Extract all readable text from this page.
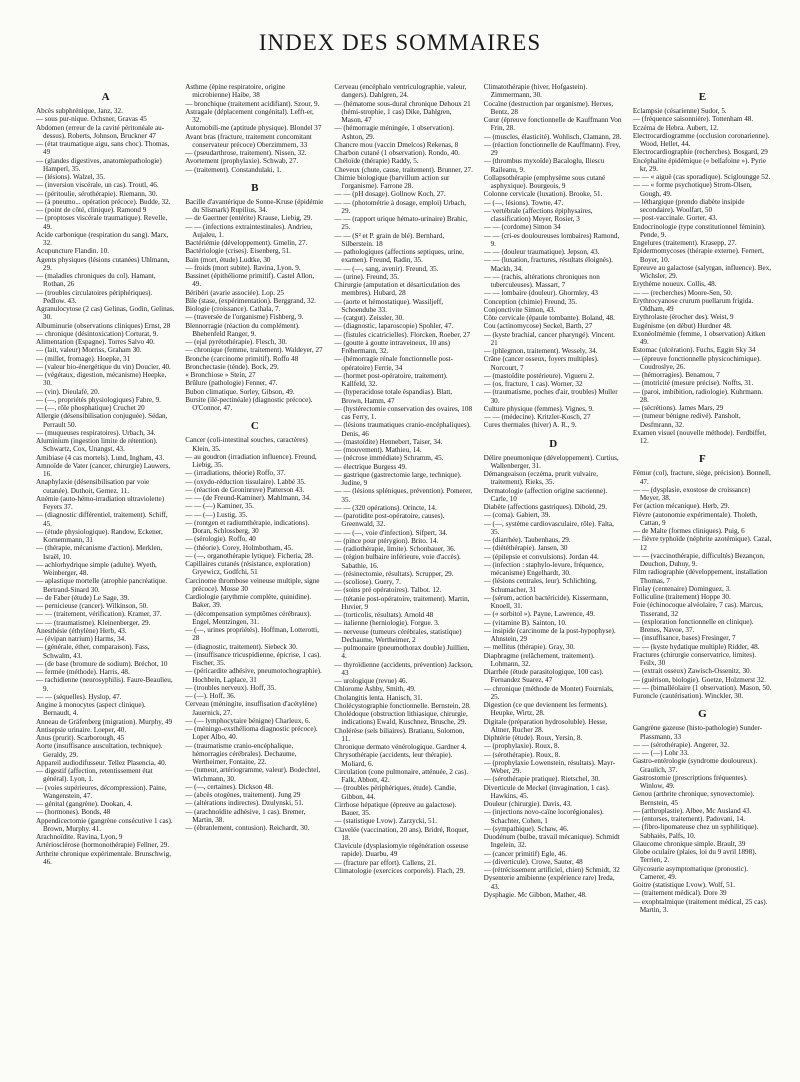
INDEX DES SOMMAIRES
A
Abcès subphrénique, Janz, 32.
— sous pur-nique. Ochsner, Gravas 45
Abdomen (erreur de la cavité péritonéale au-dessus). Roberts, Johnson, Bruckner 47
— (état traumatique aigu, sans choc). Thomas, 49
— (glandes digestives, anatomiepathologie) Hamperl, 35.
— (lésions). Walzel, 35.
— (inversion viscérale, un cas). Troutl, 46.
— (péritoulie, sérothérapie). Riemann, 30.
— (à pneumo... opération précoce). Budde, 32.
— (point de côté, clinique). Ramond 9
— (proptoses viscérale traumatique). Revelle, 49.
Acide carbonique (respiration du sang). Marx, 32.
Acupuncture Flandin. 10.
Agents physiques (lésions cutanées) Uhlmann, 29.
— (maladies chroniques du col). Hamant, Rothan, 26
— (troubles circulatoires périphériques). Pedlow. 43.
Agranulocytose (2 cas) Gelinas, Godin, Gelinas. 30.
Albuminurie (observations cliniques) Ernst, 28
— chronique (désintoxication) Corturat, 9.
Alimentation (Espagne). Torres Salvo 40.
— (lait, valeur) Morriss, Graham 30.
— (millet, fromage). Hoepke, 31
— (valeur bio-énergétique du vin) Doucier, 40.
— (végétaux, digestion, mécanisme) Heepke, 30.
— (vin). Dieulafé, 20.
— (—, propriétés physiologiques) Fabre, 9.
— (—, rôle phosphatique) Cruchet 20
Allergie (désensibilisation conjuguée). Sédan, Perrault 50.
— (muqueuses respiratoires). Urbach, 34.
Aluminium (ingestion limite de rétention). Schwartz, Cox, Unangst, 43.
Amibiase (4 cas mortels). Lund, Ingham, 43.
Amnoïde de Vater (cancer, chirurgie) Lauwers, 16.
Anaphylaxie (désensibilisation par voie cutanée). Duthoit, Gernez. 11.
Anémie (auto-hémo-irradiation ultraviolette) Feyers 37.
— (diagnostic différentiel, traitement). Schiff, 45.
— (étude physiologique). Randow, Eckener, Kornemmann, 31
— (thérapie, mécanisme d'action). Merklen, Israël, 10.
— achlorhydrique simple (adulte). Wyeth, Weinberger, 48.
— aplastique mortelle (atrophie pancréatique. Bertrand-Sinard 30.
— de Faber (étude) Le Sage, 39.
— pernicieuse (cancer). Wilkinson, 50.
— — (traitement, vérification). Kramer, 37.
— — (traumatisme). Kleinenberger, 29.
Anesthésie (éthylène) Herb, 43.
— (évipan natrium) Harms, 34.
— (générale, éther, comparaison). Fass, Schwalm, 43.
— (de base (bromure de sodium). Bréchot, 10
— fermée (méthode). Harris, 48.
— rachidienne (neurosyphilis). Faure-Beaulieu, 9.
— — (séquelles). Hyslop, 47.
Angine à monocytes (aspect clinique). Bernaudt, 4.
Anneau de Gräfenberg (migration). Murphy, 49
Antisepsie urinaire. Loeper, 40.
Anus (prurit). Scarborough, 45
Aorte (insuffisance auscultation, technique). Geraldy, 29.
Appareil audiodifusseur. Tellez Plasencia, 40.
— digestif (affection, retentissement état général). Lyon, 1.
— (voies supérieures, décompression). Paine, Wangenstein, 47.
— génital (gangrène). Dookan, 4.
— (hormones). Bonds, 48
Appendicectomie (gangrène consécutive 1 cas). Brown, Murphy. 41.
Arachnoïdite. Ravina, Lyon, 9
Artériosclérose (hormonothérapie) Fellner, 29.
Arthrite chronique expérimentale. Brunschwig, 46.
Asthme (épine respiratoire, origine microbienne) Haibe, 38
— bronchique (traitement acidifiant). Szour, 9.
Astragale (déplacement congénital). Lefft-er, 32.
Automobili-me (aptitude physique). Blondel 37
Avant bras (fracture, traitement concomitant conservateur précoce) Oberzimmern, 33
— (pseudarthrose, traitement). Nissen, 32.
Avortement (prophylaxie). Schwab, 27.
— (traitement). Constandulaki, 1.
B
Bacille d'avantérique de Sonne-Kruse (épidémie du Slismark) Rupilius, 34.
— de Gaertner (entérite) Krause, Liebig, 29.
— — (infections extraintestinales). Andrieu, Aujaleu, 1.
Bactériémie (développement). Gmelin, 27.
Bactériologie (crises). Eisenberg, 51.
Bain (mort, étude) Ludtke, 30
— froids (mort subite). Ravina, Lyon. 9.
Bassinet (épithéliome primitif). Castel Allon, 49.
Béribéri (avarie associée). Lop. 25
Bile (stase, (expérimentation). Berggrand, 32.
Biologie (croissance). Cathala, 7.
— (traversée de l'organisme) Fishberg, 9.
Blennorragie (réaction du complément). Bhehenfeld Ranger, 9.
— (ejal pyrétothérapie). Flesch, 30.
— chronique (femme, traitement). Waldeyer, 27
Bronche (carcinome primitif). Roffo 48
Bronchectasie (ténde). Bock, 29.
« Bronchiose » Stein, 27
Brûlure (pathologie) Fenner, 47.
Bubon climatique. Sorley, Gibson, 49.
Bursite (ilé-pectinéale) (diagnostic précoce). O'Connor, 47.
C
Cancer (coli-intestinal souches, caractères) Klein, 35.
— au goudron (irradiation influence). Freund, Liebig, 35.
— (irradiations, théorie) Roffo, 37.
— (oxydo-réduction tissulaire). Labbé 35.
— (réaction de Groninruve) Patterson 43.
— — (de Freund-Kaminer). Mahlmann, 34.
— — (—) Kaminer, 35.
— — (—) Lustig, 35.
— (rontgen et radiumthérapie, indications). Doran, Schlossberg, 30
— (sérologie). Roffo, 40
— (théorie). Corey, Holmbotham, 45.
— (—, organothérapie lytique). Ficheria, 28.
Capillaires cutanés (résistance, exploration) Gryewicz, Godfchi, 51
Carcinome thrombose veineuse multiple, signe précoce). Mosse 30
Cardiologie (arythmie complète, quinidine). Baker, 39.
— (décompensation symptômes cérébraux). Engel, Mentzingen, 31.
— (—, urines propriétés). Hoffman, Lotterotti, 28
— (diagnostic, traitement). Siebeck 30.
— (insuffisance tricuspidienne, épicrise, 1 cas). Fischer, 35.
— (péricardite adhésive, pneumotochographie). Hochbein, Laplace, 31
— (troubles nerveux). Hoff, 35.
— (—). Hoff, 36.
Cerveau (méningite, insuffisation d'acétylène) Jauernick, 27.
— (— lymphocytaire bénigne) Charleux, 6.
— (méningo-exsthélioma diagnostic précoce). Loper Albo, 40.
— (traumatisme cranio-encéphalique, hémorragies cérébrales). Dechaume, Wertheimer, Fontaine, 22.
— (tumeur, artériogramme, valeur). Bodechtel, Wichmann, 30.
— (—, certaines). Dickson 48.
— (abcès otogènes, traitement). Jung 29
— (altérations indirectes). Dzulynski, 51.
— (arachnoïdite adhésive, 1 cas). Bremer, Martin, 38.
— (ébranlement, contusion). Reichardt, 30.
Cerveau (encéphalo ventriculographie, valeur, dangers). Dahlgren, 24.
— (hématome sous-dural chronique Dehoux 21 (hémi-strophie, 1 cas) Dike, Dahlgren, Mason, 47
— (hémorragie méningée, 1 observation). Ashton, 29.
Chancre mou (vaccin Dmelcos) Rekenas, 8
Charbon cutané (1 observation). Rondo, 40.
Chéloïde (thérapie) Raddy, 5.
Cheveux (chute, cause, traitement). Brunner, 27.
Chimie biologique (barvillum action sur l'organisme). Farrone 28.
— — (pH dosage). Gollnow Koch, 27.
— — (photométrie à dosage, emploi) Urbach, 29.
— — (rapport urique hémato-urinaire) Brahic, 25.
— — (S² et P. grain de blé). Bernhard, Silberstein. 18
— pathologiques (affections septiques, urine, examen). Freund, Radin, 35.
— — (—, sang, avenir). Freund, 35.
— (urine). Freund, 35.
Chirurgie (amputation et désarticulation des membres). Hubard, 28
— (aorte et hémostatique). Wassiljeff, Schoendube 33.
— (catgut). Zeissler, 30.
— (diagnostic, laparoscopie) Spohler, 47.
— (fistules cicatricielles). Florcken, Roeber, 27
— (goutte à goutte intraveineux, 10 ans) Fréhermann, 32.
— (hémorragie rénale fonctionnelle post-opératoire) Ferrie, 34
— (hormet post-opératoire, traitement). Kallfeld, 32.
— (hyperacidose totale éspandias). Blatt, Brown, Hamm, 47
— (hystérectomie conservation des ovaires, 108 cas Ferry, 1.
— (lésions traumatiques cranio-encéphaliques). Denis, 46
— (mastoïdite) Hennebert, Taiser, 34.
— (mouvement). Mathieu, 14.
— (nécrose immédiate) Schramm, 45.
— électrique Burgess 49.
— gastrique (gastrectomie large, technique). Judine, 9
— — (lésions spléniques, prévention). Pomerer, 35.
— — (320 opérations). Orincte, 14.
— (parotidite post-opératoire, causes). Greenwald, 32.
— — (—, voie d'infection). Sifpert, 34.
— (pince pour ptérygion). Brito. 14.
— (radiothérapie, limite). Schonbauer, 36.
— (région bulbaire inférieure, voie d'accès). Sabathie, 16.
— (résinectomie, résultats). Scrupper, 29.
— (scoliose). Guery, 7.
— (soins pré opératoires). Talbot. 12.
— (tétanie post-opératoire, traitement). Martin, Huvier, 9
— (torticolis, résultats). Arnold 48
— italienne (herniologie). Forgue. 3.
— nerveuse (tumeurs cérébrales, statistique) Dechaume, Wertheimer, 2
— pulmonaire (pneumothorax double) Juillien, 4.
— thyroïdienne (accidents, prévention) Jackson, 43
— urologique (revue) 46.
Chlorome Ashby, Smith, 49.
Cholangitis lenta. Hanisch, 31.
Cholécystographie fonctionnelle. Bernstein, 28.
Cholédoque (obstruction lithiasique, chirurgie, indications) Ewald, Kuschnez, Brusche, 29.
Cholérèse (sels biliaires). Bratianu, Solomon, 11.
Chronique dermato vénérologique. Gardner 4.
Chrysothérapie (accidents, leur thérapie). Moliard, 6.
Circulation (cone pulmonaire, atténuée, 2 cas). Falk, Abbott, 42.
— (troubles périphériques, étude). Candie, Gibbon, 44.
Cirrhose hépatique (épreuve au galactose). Bauer, 35.
— (statistique Lvow). Zarzycki, 51.
Clavelée (vaccination, 20 ans). Bridré, Roquet, 18.
Clavicule (dysplasiomyie régénération osseuse rapide). Duarbu, 49
— (fracture par effort). Callens, 21.
Climatologie (exercices corporels). Flach, 29.
Climatothérapie (hiver, Hofgastein). Zimmermann, 30.
Cocaïne (destruction par organisme). Herxes, Bentz, 28
Cœur (épreuve fonctionnelle de Kauffmann Von Frin, 28.
— (muscles, élasticité). Wohlisch, Clamann, 28.
— (réaction fonctionnelle de Kauffmann). Frey, 29
— (thrombus myxoïde) Bacaloglu, Iliescu Raileanu, 9.
Collapsothérapie (emphysème sous cutané asphyxique). Bourgeois, 9
Colonne cervicale (luxation). Brooke, 51.
— (—, lésions). Towne, 47.
— vertébrale (affections épiphysaires, classification) Meyer, Rosier, 3
— — (cordome) Simon 34
— — (cri-es douloureuses lombaires) Ramond, 9.
— — (douleur traumatique). Jepson, 43.
— — (luxation, fractures, résultats éloignés). Mackh, 34.
— — (rachis, altérations chroniques non tuberculeuses). Massart, 7
— — lombaire (douleur). Ghormley, 43
Conception (chimie) Freund, 35.
Conjonctivite Simon, 43.
Côte cervicale (épaule tombante). Boland, 48.
Cou (actinomycose) Seckel, Barth, 27
— (kyste brachial, cancer pharyngé). Vincent. 21
— (phlegmon, traitement). Wessely, 34.
Crâne (cancer osseux, foyers multiples). Norcourt, 7
— (mastoïdite postérieure). Vigueru 2.
— (os, fracture, 1 cas). Worner, 32
— (traumatisme, poches d'air, troubles) Muller 30.
Culture physique (femmes). Vignes, 9.
— — (médecine). Kritzler-Kosch, 27
Cures thermales (hiver) A. R., 9.
D
Délire pneumonique (développement). Curtius, Wallenberger, 31.
Démangeaison (eczéma, prurit vulvaire, traitement). Rieks, 35.
Dermatologie (affection origine sacrienne). Carle, 10
Diabète (affections gastriques). Dibold, 29.
— (coma). Gabiert, 39.
— (—, système cardiovasculaire, rôle). Falta, 35.
— (diarrhée). Taubenhaus, 29.
— (diététhérapie). Jansen, 30
— (épilepsie et convulsions). Jordan 44.
— (infection : staphylo-levure, fréquence, mécanisme) Engelhardt, 30.
— (lésions centrales, leur). Schlichting, Schumacher, 31
— (sérum, action bactéricide). Kissermann, Knoell, 31.
— (« sorbitol »). Payne, Lawrence, 49.
— (vitamine B). Sainton, 10.
— insipide (carcinome de la post-hypophyse). Ahnstein, 29
— mellitus (thérapie). Gray, 30.
Diaphragme (relâchement, traitement). Lohmann, 32.
Diarrhée (étude parasitologique, 100 cas). Fernandez Suarez, 47
— chronique (méthode de Montet) Fournials, 25.
Digestion (ce que deviennent les ferments). Heupke, Wirtz, 28.
Digitale (préparation hydrosoluble). Hesse, Altner, Rucher 28.
Diphtérie (étude). Roux, Yersin, 8.
— (prophylaxie). Roux, 8.
— (sérothérapie). Roux, 8.
— (prophylaxie Lowenstein, résultats). Mayr-Weber, 29.
— (sérothérapie pratique). Rietschel, 30.
Diverticule de Meckel (invagination, 1 cas). Hawkins, 45.
Douleur (chirurgie). Davis, 43.
— (injections novo-caïne locorégionales). Schachter, Cohen, 1
— (sympathique). Schaw, 46.
Duodénum (bulbe, travail mécanique). Schmidt Ingelein, 32.
— (cancer primitif) Egle, 46.
— (diverticule). Crowe, Sauter, 48
— (rétrécissement artificiel, chien) Schmidt, 32
Dysenterie amibienne (expérience rare) Ireda, 43.
Dysphagie. Mc Gibbon, Mather, 48.
E
Eclampsie (césarienne) Sudor, 5.
— (fréquence saisonnière). Tottenham 48.
Eczéma de Hebra. Aubert, 12.
Electrocardiogramme (occlusion coronarienne). Wood, Hellet, 44.
Electrocardiographie (recherches). Bosgard, 29
Encéphalite épidémique (« bellafoine »). Pyrie kr, 29.
— — « aiguë (cas sporadique). Scigloungge 52.
— — « forme psychotique) Strom-Olsen, Gough, 49.
— léthargique (prendo diabète insipide secondaire). Woolfart, 50
— post-vaccinale. Gorter, 43.
Endocrinologie (type constitutionnel féminin). Pende, 9.
Engelures (traitement). Krasepp, 27.
Epidermomycoses (thérapie externe). Fernert, Boyer, 10.
Epreuve au galactose (salyrgan, influence). Bex, Wichsler, 29.
Erythème noueux. Collis, 48.
— — (recherches) Moore-Sen, 50.
Erythrocyanose crurum puellarum frigida. Oldham, 49
Erythrolaste (érocher des). Weist, 9
Eugénisme (en début) Hurdner 48.
Exonéolmémie (femme, 1 observation) Aitken 49.
Estomac (ulcération). Fuchs, Eggin Sky 34
— (épreuve fonctionnelle physicochimique). Coudroslye, 26.
— (hémorragies). Benamou, 7
— (motricité (mesure précise). Noffts, 31.
— (paroi, imbibition, radiologie). Kuhrmann. 28.
— (sécrétions). James Mars, 29
— (tumeur bénigne redivé). Pansholt, Desfmrann, 32.
Examen visuel (nouvelle méthode). Ferdbiffet, 12.
F
Fémur (col), fracture, siège, précision). Bonnell, 47.
— — (dysplasie, exostose de croissance) Meyer, 38.
Fer (action mécanique). Herb, 29.
Fièvre (autonomie expérimentale). Tholeth, Cattan, 9
— de Malte (formes cliniques). Puig, 6
— fièvre typhoïde (néphrite azotémique). Cazal, 12
— — (vaccinothérapie, difficultés) Bezançon, Deuchon, Duhuy, 9.
Film radiographie (développement, installation Thomas, 7
Finlay (centenaire) Dominguez, 3.
Folliculine (traitement) Hoppe 30.
Foie (échinocoque alvéolaire, 7 cas). Marcus, Tisserand, 32
— (exploration fonctionnelle en clinique). Brenes, Navoe, 37.
— (insuffisance, bases) Fresinger, 7
— — (kyste hydatique multiple) Ridder, 48.
Fractures (chirurgie conservatrice, limites). Feilx, 30
— (extrait osseux) Zawisch-Ossenitz, 30.
— (guérison, biologie). Goetze, Holzmerst 32.
— — (bimalléolaire (1 observation). Mason, 50.
Furoncle (cautérisation). Winckler, 30.
G
Gangrène gazeuse (histo-pathologie) Sunder-Plassmann, 33
— — (sérothérapie). Angerer, 32.
— — (—) Lohr 33.
Gastro-entérologie (syndrome douloureux). Graulich, 37.
Gastrostomie (prescriptions fréquentes). Winlow, 49.
Genou (arthrite chronique, synovectomie). Bernstein, 45
— (arthroplastie). Albee, Mc Ausland 43.
— (entorses, traitement). Padovani, 14.
— (fibro-lipomateuse chez un syphilitique). Sabhaiès, Palfs, 10.
Glaucome chronique simple. Brault, 39
Globe oculaire (plaies, loi du 9 avril 1898). Terrien, 2.
Glycosurie asymptomatique (pronostic). Camerer, 49.
Goitre (statistique Lvow). Wolf, 51.
— (traitement médical). Dore 39
— exophtalmique (traitement médical, 25 cas). Martin, 3.
